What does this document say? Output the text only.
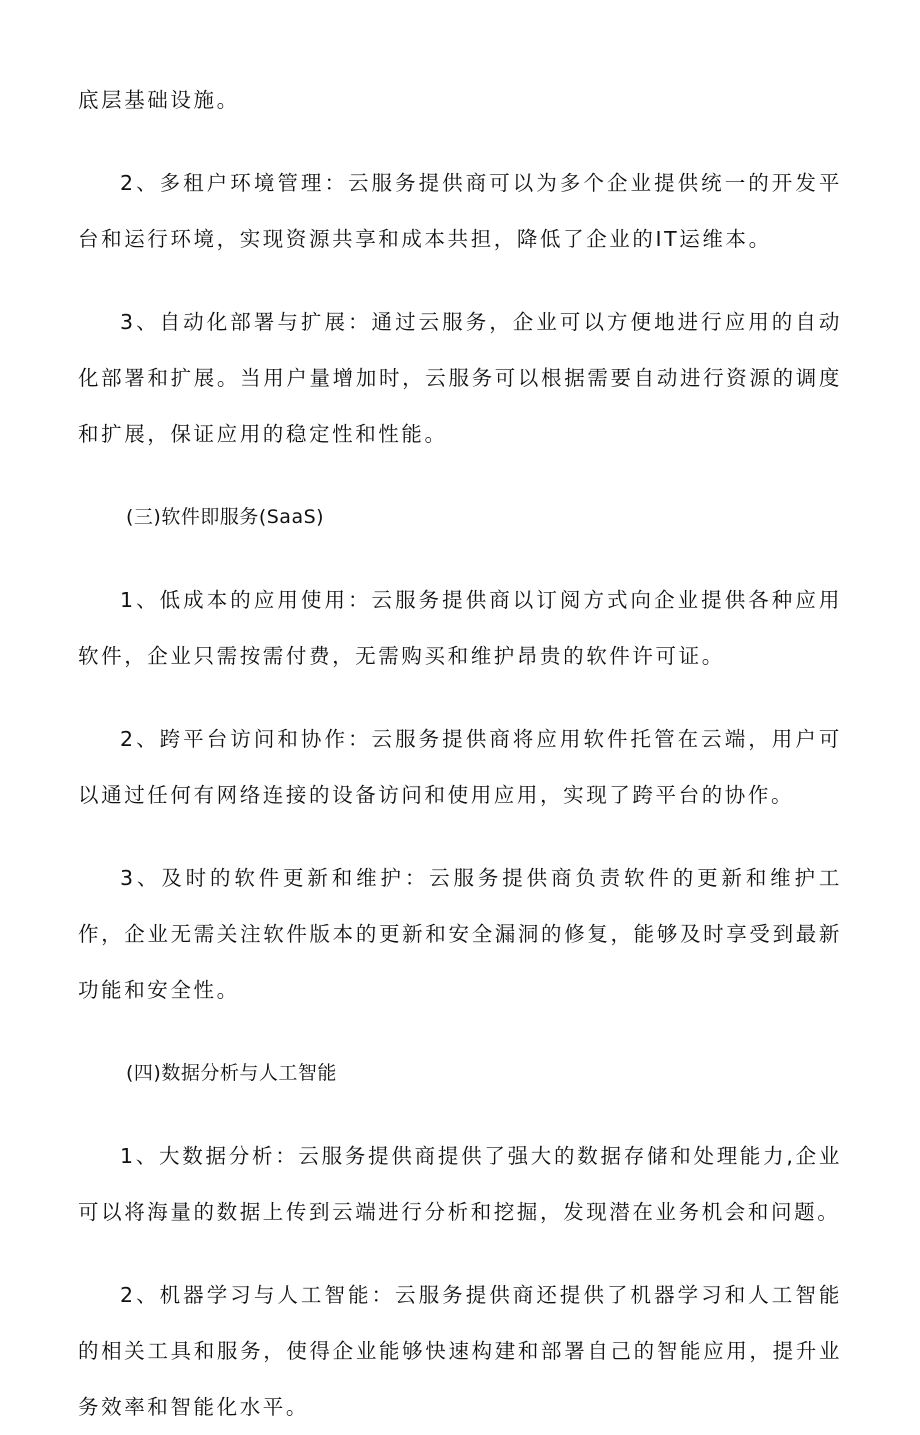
底层基础设施。

2、多租户环境管理：云服务提供商可以为多个企业提供统一的开发平台和运行环境，实现资源共享和成本共担，降低了企业的IT运维本。

3、自动化部署与扩展：通过云服务，企业可以方便地进行应用的自动化部署和扩展。当用户量增加时，云服务可以根据需要自动进行资源的调度和扩展，保证应用的稳定性和性能。

(三)软件即服务(SaaS)

1、低成本的应用使用：云服务提供商以订阅方式向企业提供各种应用软件，企业只需按需付费，无需购买和维护昂贵的软件许可证。

2、跨平台访问和协作：云服务提供商将应用软件托管在云端，用户可以通过任何有网络连接的设备访问和使用应用，实现了跨平台的协作。

3、及时的软件更新和维护：云服务提供商负责软件的更新和维护工作，企业无需关注软件版本的更新和安全漏洞的修复，能够及时享受到最新功能和安全性。

(四)数据分析与人工智能

1、大数据分析：云服务提供商提供了强大的数据存储和处理能力,企业可以将海量的数据上传到云端进行分析和挖掘，发现潜在业务机会和问题。

2、机器学习与人工智能：云服务提供商还提供了机器学习和人工智能的相关工具和服务，使得企业能够快速构建和部署自己的智能应用，提升业务效率和智能化水平。
